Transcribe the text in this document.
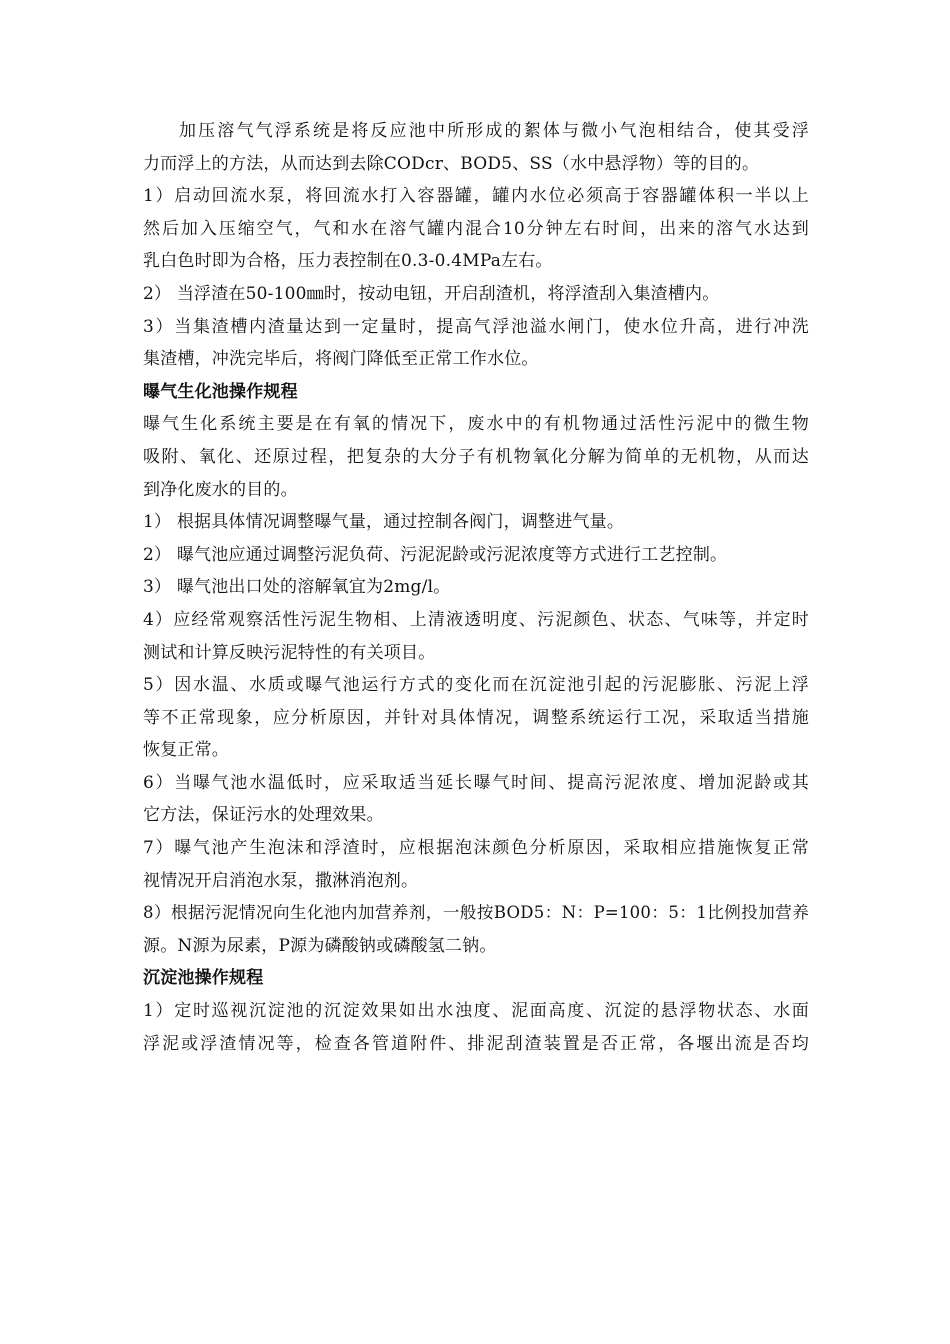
加压溶气气浮系统是将反应池中所形成的絮体与微小气泡相结合，使其受浮
力而浮上的方法，从而达到去除CODcr、BOD5、SS（水中悬浮物）等的目的。
1）启动回流水泵，将回流水打入容器罐，罐内水位必须高于容器罐体积一半以上
然后加入压缩空气，气和水在溶气罐内混合10分钟左右时间，出来的溶气水达到
乳白色时即为合格，压力表控制在0.3-0.4MPa左右。
2） 当浮渣在50-100㎜时，按动电钮，开启刮渣机，将浮渣刮入集渣槽内。
3）当集渣槽内渣量达到一定量时，提高气浮池溢水闸门，使水位升高，进行冲洗
集渣槽，冲洗完毕后，将阀门降低至正常工作水位。
曝气生化池操作规程
曝气生化系统主要是在有氧的情况下，废水中的有机物通过活性污泥中的微生物
吸附、氧化、还原过程，把复杂的大分子有机物氧化分解为简单的无机物，从而达
到净化废水的目的。
1） 根据具体情况调整曝气量，通过控制各阀门，调整进气量。
2） 曝气池应通过调整污泥负荷、污泥泥龄或污泥浓度等方式进行工艺控制。
3） 曝气池出口处的溶解氧宜为2mg/l。
4）应经常观察活性污泥生物相、上清液透明度、污泥颜色、状态、气味等，并定时
测试和计算反映污泥特性的有关项目。
5）因水温、水质或曝气池运行方式的变化而在沉淀池引起的污泥膨胀、污泥上浮
等不正常现象，应分析原因，并针对具体情况，调整系统运行工况，采取适当措施
恢复正常。
6）当曝气池水温低时，应采取适当延长曝气时间、提高污泥浓度、增加泥龄或其
它方法，保证污水的处理效果。
7）曝气池产生泡沫和浮渣时，应根据泡沫颜色分析原因，采取相应措施恢复正常
视情况开启消泡水泵，撒淋消泡剂。
8）根据污泥情况向生化池内加营养剂，一般按BOD5：N：P=100：5：1比例投加营养
源。N源为尿素，P源为磷酸钠或磷酸氢二钠。
沉淀池操作规程
1）定时巡视沉淀池的沉淀效果如出水浊度、泥面高度、沉淀的悬浮物状态、水面
浮泥或浮渣情况等，检查各管道附件、排泥刮渣装置是否正常，各堰出流是否均
